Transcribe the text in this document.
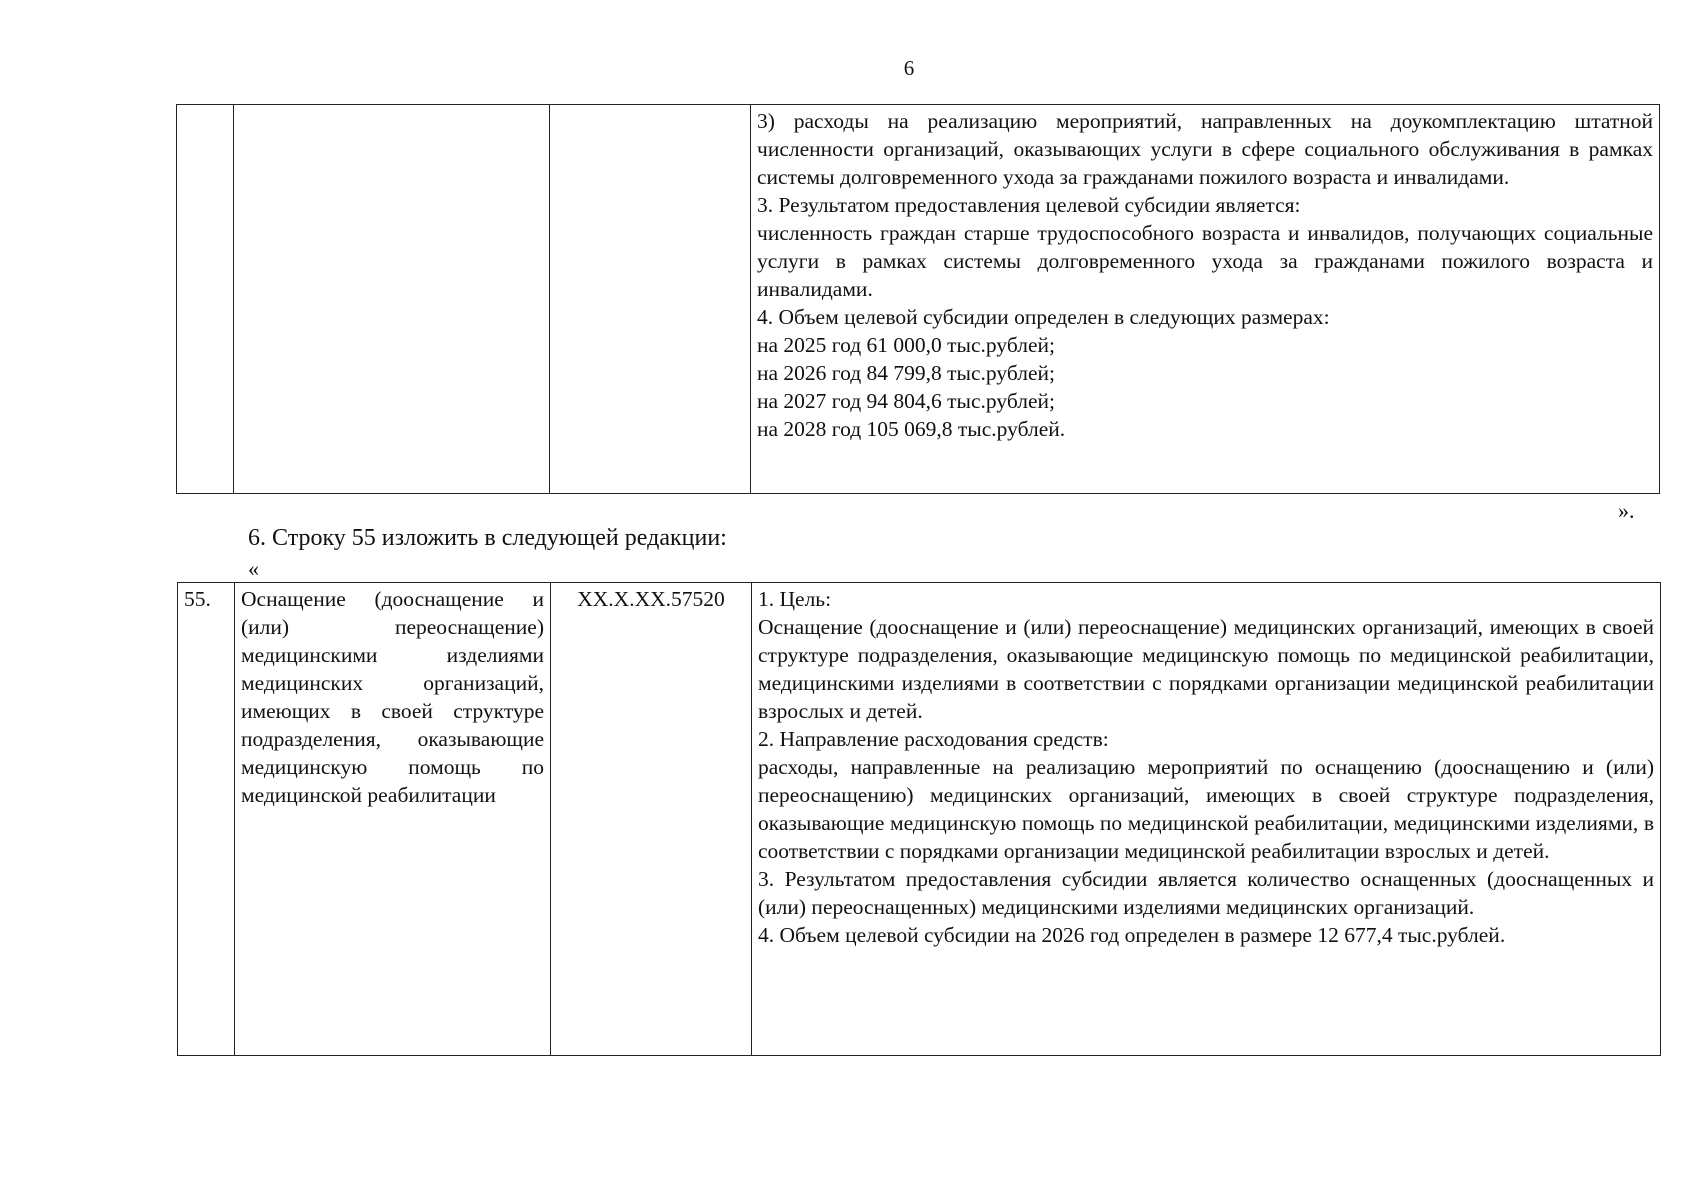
6

3) расходы на реализацию мероприятий, направленных на доукомплектацию штатной численности организаций, оказывающих услуги в сфере социального обслуживания в рамках системы долговременного ухода за гражданами пожилого возраста и инвалидами.
3. Результатом предоставления целевой субсидии является:
численность граждан старше трудоспособного возраста и инвалидов, получающих социальные услуги в рамках системы долговременного ухода за гражданами пожилого возраста и инвалидами.
4. Объем целевой субсидии определен в следующих размерах:
на 2025 год 61 000,0 тыс.рублей;
на 2026 год 84 799,8 тыс.рублей;
на 2027 год 94 804,6 тыс.рублей;
на 2028 год 105 069,8 тыс.рублей.
».
6. Строку 55 изложить в следующей редакции:
«
55.	Оснащение (дооснащение и (или) переоснащение) медицинскими изделиями медицинских организаций, имеющих в своей структуре подразделения, оказывающие медицинскую помощь по медицинской реабилитации	ХХ.Х.ХХ.57520	1. Цель:
Оснащение (дооснащение и (или) переоснащение) медицинских организаций, имеющих в своей структуре подразделения, оказывающие медицинскую помощь по медицинской реабилитации, медицинскими изделиями в соответствии с порядками организации медицинской реабилитации взрослых и детей.
2. Направление расходования средств:
расходы, направленные на реализацию мероприятий по оснащению (дооснащению и (или) переоснащению) медицинских организаций, имеющих в своей структуре подразделения, оказывающие медицинскую помощь по медицинской реабилитации, медицинскими изделиями, в соответствии с порядками организации медицинской реабилитации взрослых и детей.
3. Результатом предоставления субсидии является количество оснащенных (дооснащенных и (или) переоснащенных) медицинскими изделиями медицинских организаций.
4. Объем целевой субсидии на 2026 год определен в размере 12 677,4 тыс.рублей.
